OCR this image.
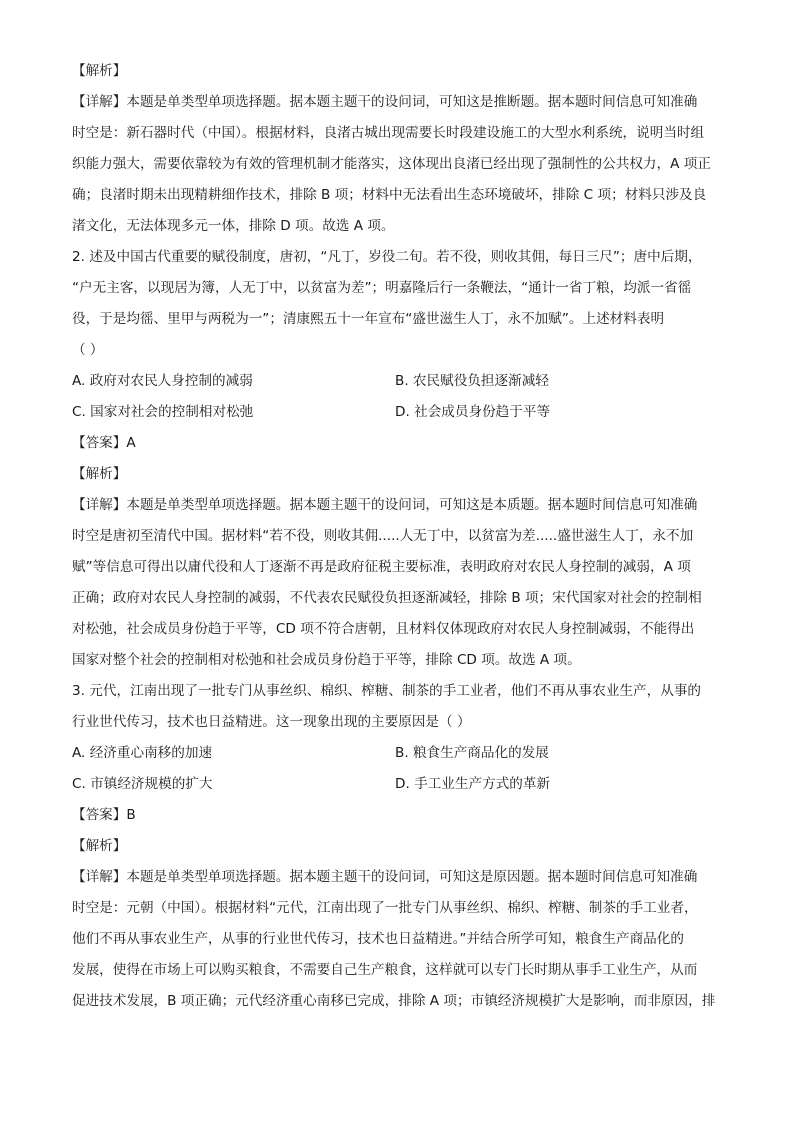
【解析】

【详解】本题是单类型单项选择题。据本题主题干的设问词，可知这是推断题。据本题时间信息可知准确

时空是：新石器时代（中国）。根据材料，良渚古城出现需要长时段建设施工的大型水利系统，说明当时组

织能力强大，需要依靠较为有效的管理机制才能落实，这体现出良渚已经出现了强制性的公共权力，A 项正

确；良渚时期未出现精耕细作技术，排除 B 项；材料中无法看出生态环境破坏，排除 C 项；材料只涉及良

渚文化，无法体现多元一体，排除 D 项。故选 A 项。

2. 述及中国古代重要的赋役制度，唐初，“凡丁，岁役二旬。若不役，则收其佣，每日三尺”；唐中后期，

“户无主客，以现居为簿，人无丁中，以贫富为差”；明嘉隆后行一条鞭法，“通计一省丁粮，均派一省徭

役，于是均徭、里甲与两税为一”；清康熙五十一年宣布“盛世滋生人丁，永不加赋”。上述材料表明

（ ）

A. 政府对农民人身控制的减弱	B. 农民赋役负担逐渐减轻
C. 国家对社会的控制相对松弛	D. 社会成员身份趋于平等

【答案】A

【解析】

【详解】本题是单类型单项选择题。据本题主题干的设问词，可知这是本质题。据本题时间信息可知准确

时空是唐初至清代中国。据材料“若不役，则收其佣.....人无丁中，以贫富为差.....盛世滋生人丁，永不加

赋”等信息可得出以庸代役和人丁逐渐不再是政府征税主要标准，表明政府对农民人身控制的减弱，A 项

正确；政府对农民人身控制的减弱，不代表农民赋役负担逐渐减轻，排除 B 项；宋代国家对社会的控制相

对松弛，社会成员身份趋于平等，CD 项不符合唐朝，且材料仅体现政府对农民人身控制减弱，不能得出

国家对整个社会的控制相对松弛和社会成员身份趋于平等，排除 CD 项。故选 A 项。

3. 元代，江南出现了一批专门从事丝织、棉织、榨糖、制茶的手工业者，他们不再从事农业生产，从事的

行业世代传习，技术也日益精进。这一现象出现的主要原因是（ ）

A. 经济重心南移的加速	B. 粮食生产商品化的发展
C. 市镇经济规模的扩大	D. 手工业生产方式的革新

【答案】B

【解析】

【详解】本题是单类型单项选择题。据本题主题干的设问词，可知这是原因题。据本题时间信息可知准确

时空是：元朝（中国）。根据材料“元代，江南出现了一批专门从事丝织、棉织、榨糖、制茶的手工业者，

他们不再从事农业生产，从事的行业世代传习，技术也日益精进。”并结合所学可知，粮食生产商品化的

发展，使得在市场上可以购买粮食，不需要自己生产粮食，这样就可以专门长时期从事手工业生产，从而

促进技术发展，B 项正确；元代经济重心南移已完成，排除 A 项；市镇经济规模扩大是影响，而非原因，排
